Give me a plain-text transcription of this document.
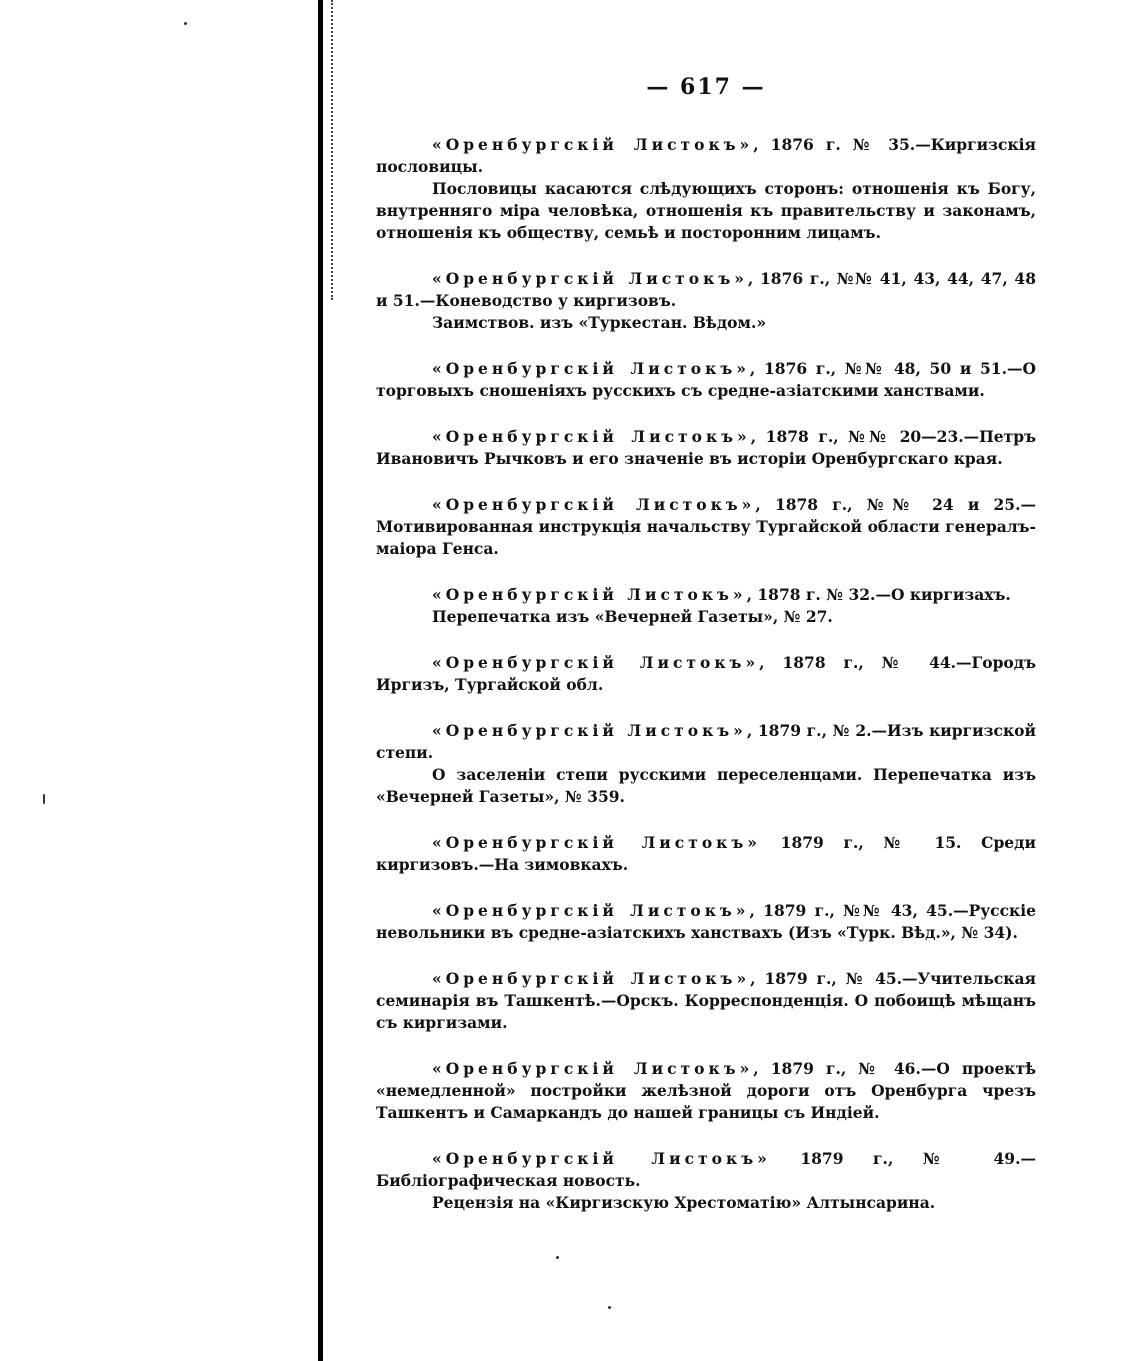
— 617 —

«Оренбургскій Листокъ», 1876 г. № 35.—Киргизскія пословицы.

Пословицы касаются слѣдующихъ сторонъ: отношенія къ Богу, внутренняго міра человѣка, отношенія къ правительству и законамъ, отношенія къ обществу, семьѣ и посторонним лицамъ.

«Оренбургскій Листокъ», 1876 г., №№ 41, 43, 44, 47, 48 и 51.—Коневодство у киргизовъ.

Заимствов. изъ «Туркестан. Вѣдом.»

«Оренбургскій Листокъ», 1876 г., №№ 48, 50 и 51.—О торговыхъ сношеніяхъ русскихъ съ средне-азіатскими ханствами.

«Оренбургскій Листокъ», 1878 г., №№ 20—23.—Петръ Ивановичъ Рычковъ и его значеніе въ исторіи Оренбургскаго края.

«Оренбургскій Листокъ», 1878 г., №№ 24 и 25.—Мотивированная инструкція начальству Тургайской области генералъ-маіора Генса.

«Оренбургскій Листокъ», 1878 г. № 32.—О киргизахъ.

Перепечатка изъ «Вечерней Газеты», № 27.

«Оренбургскій Листокъ», 1878 г., № 44.—Городъ Иргизъ, Тургайской обл.

«Оренбургскій Листокъ», 1879 г., № 2.—Изъ киргизской степи.

О заселеніи степи русскими переселенцами. Перепечатка изъ «Вечерней Газеты», № 359.

«Оренбургскій Листокъ» 1879 г., № 15. Среди киргизовъ.—На зимовкахъ.

«Оренбургскій Листокъ», 1879 г., №№ 43, 45.—Русскіе невольники въ средне-азіатскихъ ханствахъ (Изъ «Турк. Вѣд.», № 34).

«Оренбургскій Листокъ», 1879 г., № 45.—Учительская семинарія въ Ташкентѣ.—Орскъ. Корреспонденція. О побоищѣ мѣщанъ съ киргизами.

«Оренбургскій Листокъ», 1879 г., № 46.—О проектѣ «немедленной» постройки желѣзной дороги отъ Оренбурга чрезъ Ташкентъ и Самаркандъ до нашей границы съ Индіей.

«Оренбургскій Листокъ» 1879 г., № 49.—Библіографическая новость.

Рецензія на «Киргизскую Хрестоматію» Алтынсарина.
